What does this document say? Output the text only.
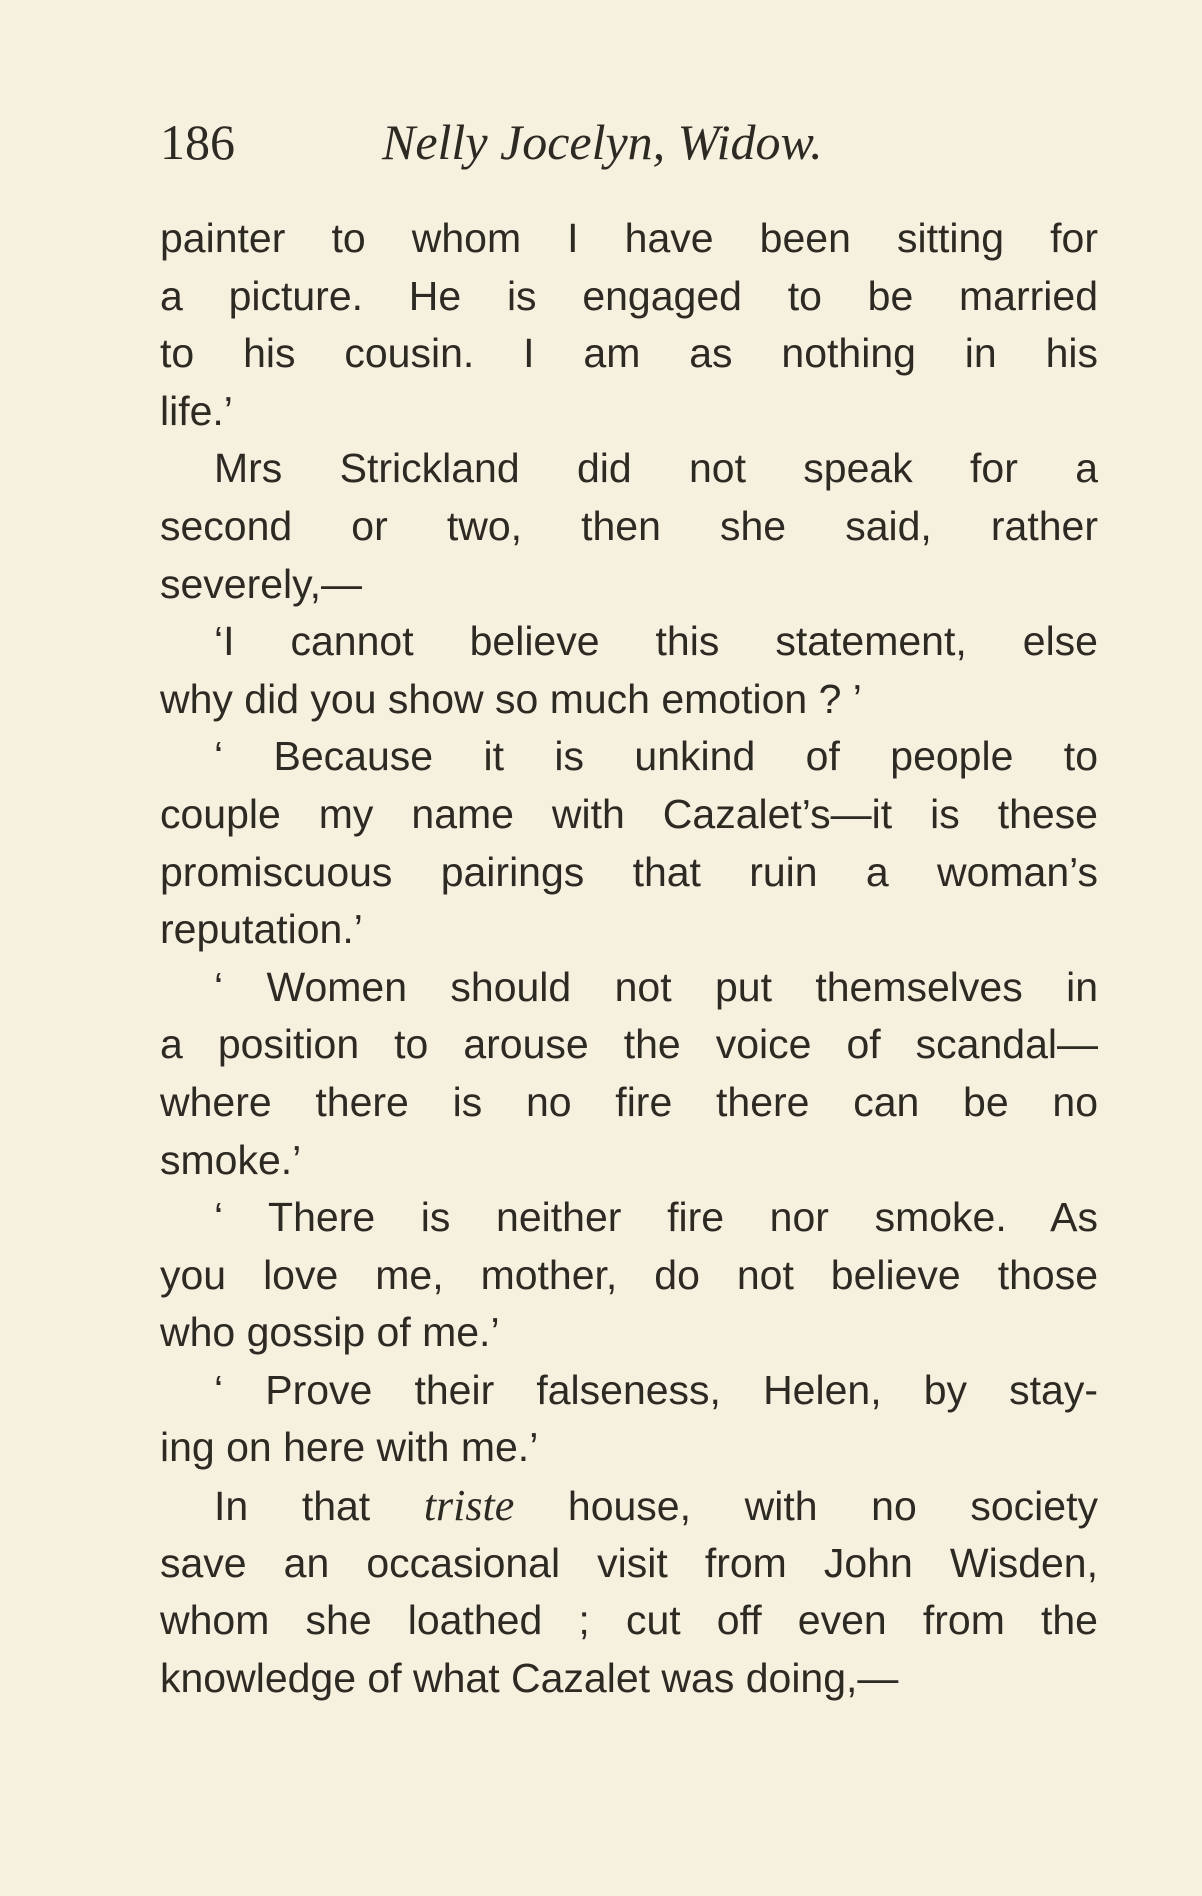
186	Nelly Jocelyn, Widow.
painter to whom I have been sitting for
a picture. He is engaged to be married
to his cousin. I am as nothing in his
life.’
Mrs Strickland did not speak for a
second or two, then she said, rather
severely,—
‘I cannot believe this statement, else
why did you show so much emotion ? ’
‘ Because it is unkind of people to
couple my name with Cazalet’s—it is these
promiscuous pairings that ruin a woman’s
reputation.’
‘ Women should not put themselves in
a position to arouse the voice of scandal—
where there is no fire there can be no
smoke.’
‘ There is neither fire nor smoke. As
you love me, mother, do not believe those
who gossip of me.’
‘ Prove their falseness, Helen, by stay-
ing on here with me.’
In that triste house, with no society
save an occasional visit from John Wisden,
whom she loathed ; cut off even from the
knowledge of what Cazalet was doing,—
